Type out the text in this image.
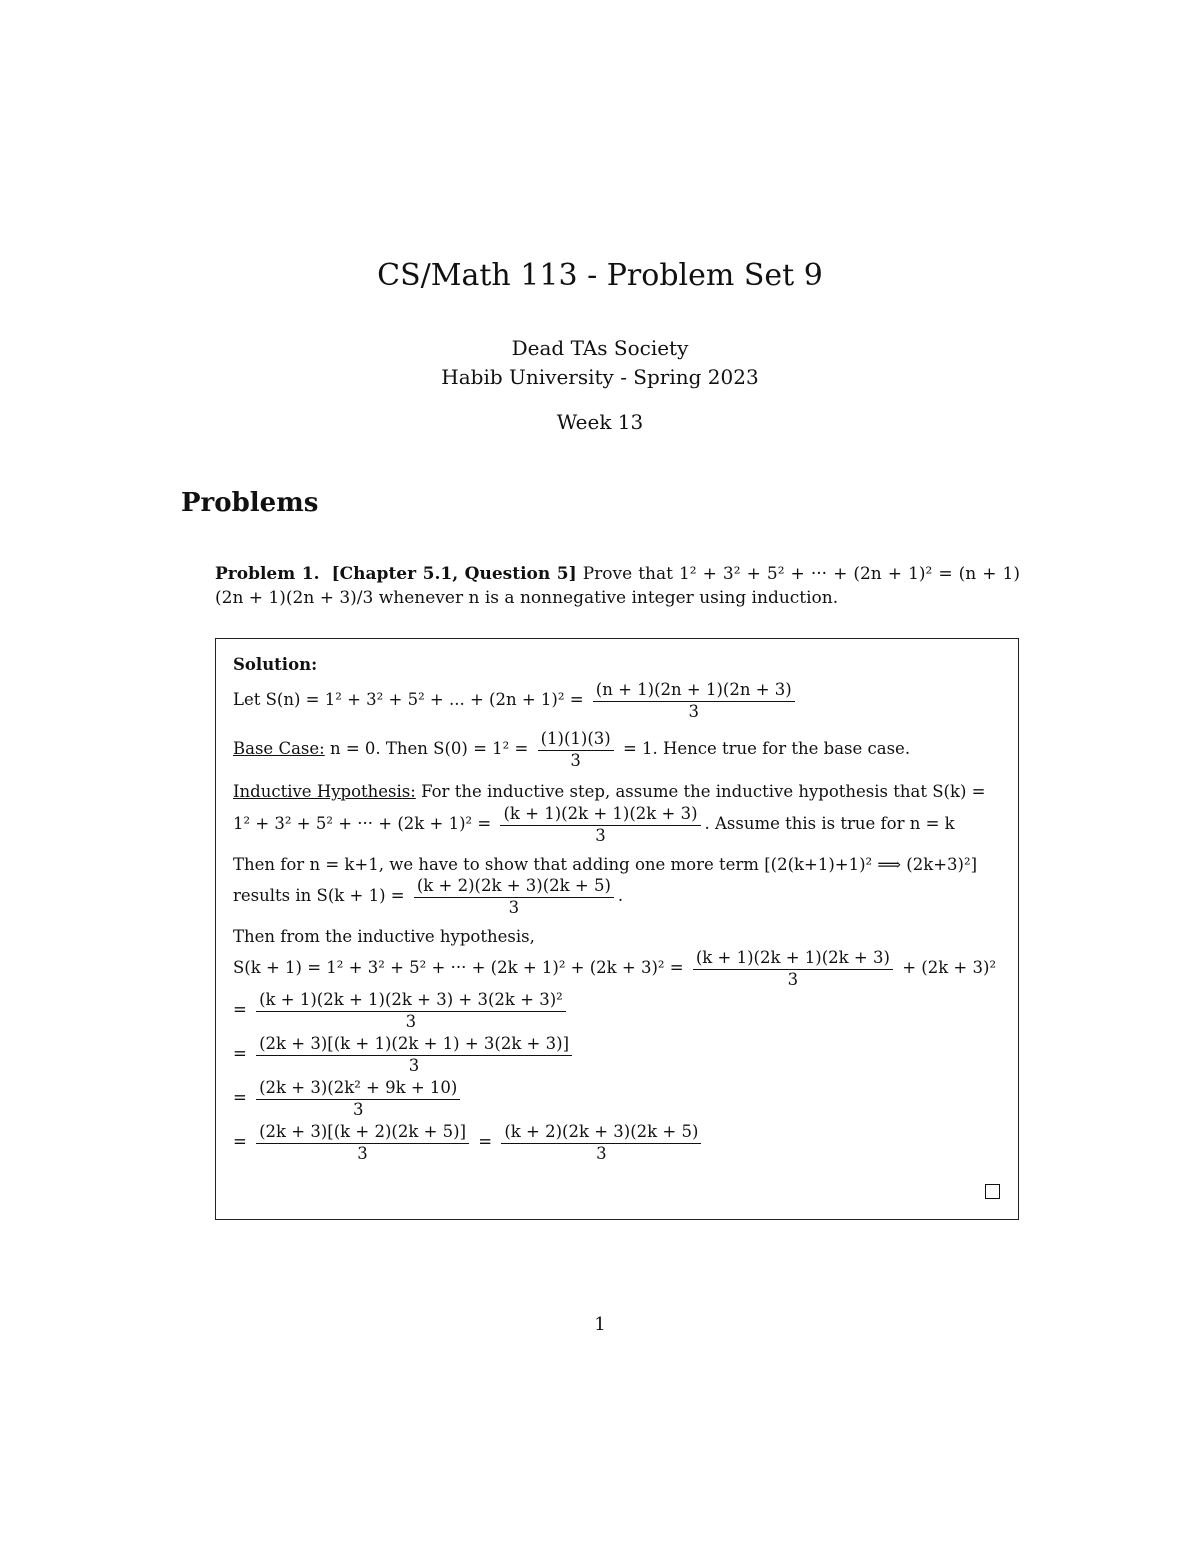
CS/Math 113 - Problem Set 9
Dead TAs Society
Habib University - Spring 2023
Week 13
Problems
Problem 1. [Chapter 5.1, Question 5] Prove that 1² + 3² + 5² + ··· + (2n + 1)² = (n + 1)(2n + 1)(2n + 3)/3 whenever n is a nonnegative integer using induction.
Solution:
Let S(n) = 1² + 3² + 5² + ... + $(2n + 1)^2 = \frac{(n + 1)(2n + 1)(2n + 3)}{3}$
Base Case: n = 0. Then $S(0) = 1^2 = \frac{(1)(1)(3)}{3} = 1$. Hence true for the base case.
Inductive Hypothesis: For the inductive step, assume the inductive hypothesis that S(k) =
1² + 3² + 5² + ··· + $(2k + 1)^2 = \frac{(k + 1)(2k + 1)(2k + 3)}{3}$ . Assume this is true for n = k
Then for n = k+1, we have to show that adding one more term [(2(k+1)+1)² ⟹ (2k+3)²]
results in $S(k + 1) = \frac{(k + 2)(2k + 3)(2k + 5)}{3}$ .
Then from the inductive hypothesis,
S(k + 1) = 1² + 3² + 5² + ··· + $(2k + 1)^2 + (2k + 3)^2 = \frac{(k + 1)(2k + 1)(2k + 3)}{3} + (2k + 3)^2$
= $\frac{\text{(k + 1)(2k + 1)(2k + 3) + 3(2k + 3)²}}{3}$
= $\frac{(2k + 3)[(k + 1)(2k + 1) + 3(2k + 3)]}{3}$
= $\frac{\text{(2k + 3)(2k² + 9k + 10)}}{3}$
= $\frac{(2k + 3)[(k + 2)(2k + 5)]}{3} = \frac{(k + 2)(2k + 3)(2k + 5)}{3}$
1
